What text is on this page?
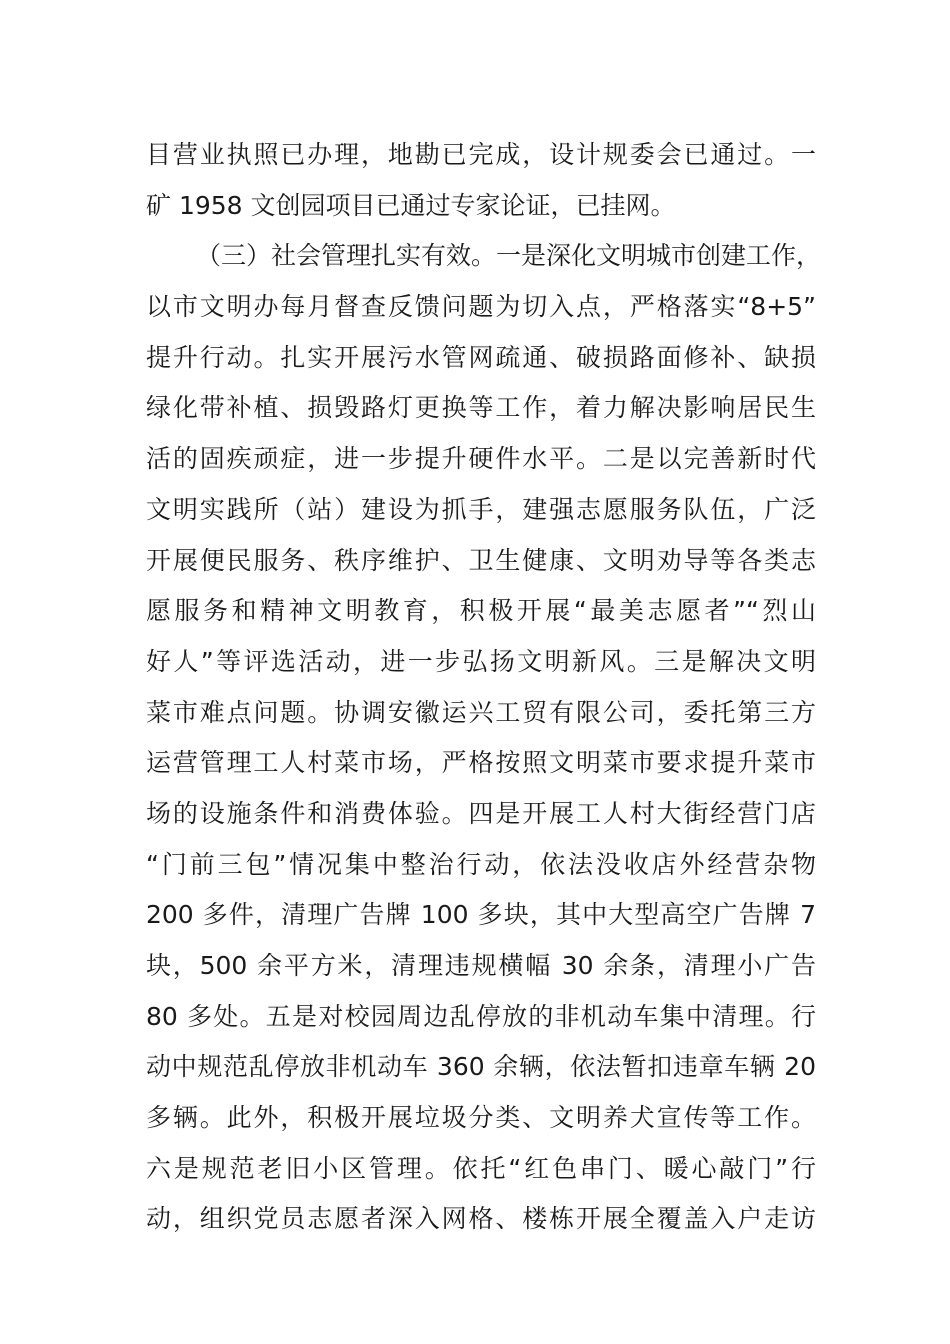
目营业执照已办理，地勘已完成，设计规委会已通过。一
矿 1958 文创园项目已通过专家论证，已挂网。
（三）社会管理扎实有效。一是深化文明城市创建工作，
以市文明办每月督查反馈问题为切入点，严格落实“8+5”
提升行动。扎实开展污水管网疏通、破损路面修补、缺损
绿化带补植、损毁路灯更换等工作，着力解决影响居民生
活的固疾顽症，进一步提升硬件水平。二是以完善新时代
文明实践所（站）建设为抓手，建强志愿服务队伍，广泛
开展便民服务、秩序维护、卫生健康、文明劝导等各类志
愿服务和精神文明教育，积极开展“最美志愿者”“烈山
好人”等评选活动，进一步弘扬文明新风。三是解决文明
菜市难点问题。协调安徽运兴工贸有限公司，委托第三方
运营管理工人村菜市场，严格按照文明菜市要求提升菜市
场的设施条件和消费体验。四是开展工人村大街经营门店
“门前三包”情况集中整治行动，依法没收店外经营杂物
200 多件，清理广告牌 100 多块，其中大型高空广告牌 7
块，500 余平方米，清理违规横幅 30 余条，清理小广告
80 多处。五是对校园周边乱停放的非机动车集中清理。行
动中规范乱停放非机动车 360 余辆，依法暂扣违章车辆 20
多辆。此外，积极开展垃圾分类、文明养犬宣传等工作。
六是规范老旧小区管理。依托“红色串门、暖心敲门”行
动，组织党员志愿者深入网格、楼栋开展全覆盖入户走访
